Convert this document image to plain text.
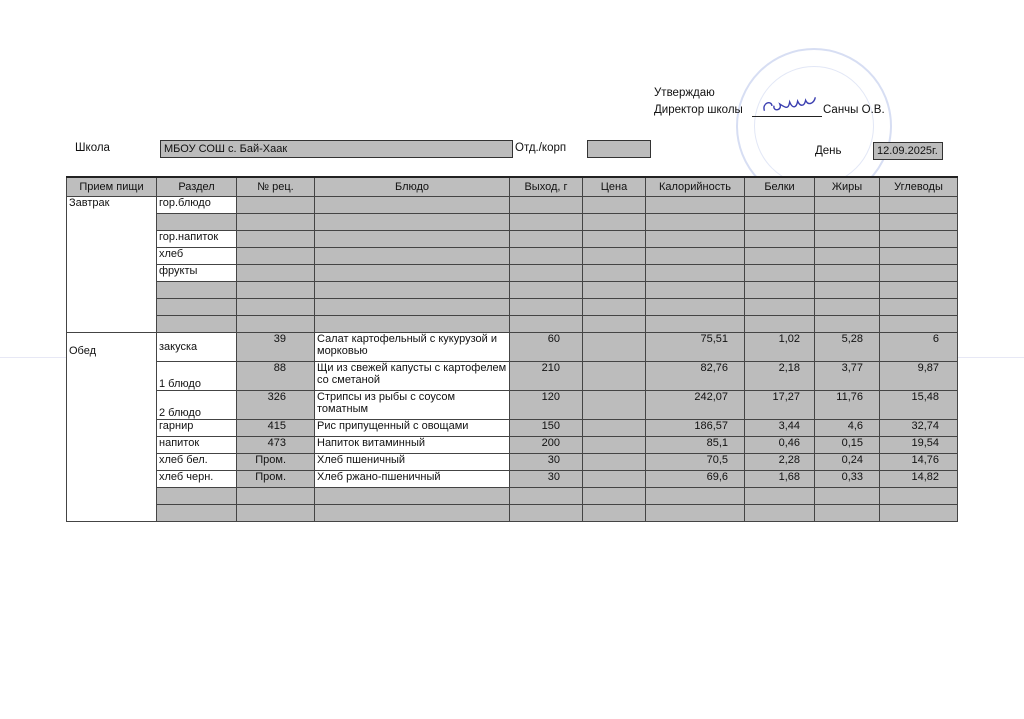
Утверждаю
Директор школы	Санчы О.В.
Школа	МБОУ СОШ с. Бай-Хаак	Отд./корп	День	12.09.2025г.
Прием пищи	Раздел	№ рец.	Блюдо	Выход, г	Цена	Калорийность	Белки	Жиры	Углеводы
Завтрак	гор.блюдо								

	гор.напиток								
	хлеб								
	фрукты								

Обед	закуска	39	Салат картофельный с кукурузой и морковью	60		75,51	1,02	5,28	6
	1 блюдо	88	Щи из свежей капусты с картофелем со сметаной	210		82,76	2,18	3,77	9,87
	2 блюдо	326	Стрипсы из рыбы с соусом томатным	120		242,07	17,27	11,76	15,48
	гарнир	415	Рис припущенный с овощами	150		186,57	3,44	4,6	32,74
	напиток	473	Напиток витаминный	200		85,1	0,46	0,15	19,54
	хлеб бел.	Пром.	Хлеб пшеничный	30		70,5	2,28	0,24	14,76
	хлеб черн.	Пром.	Хлеб ржано-пшеничный	30		69,6	1,68	0,33	14,82
